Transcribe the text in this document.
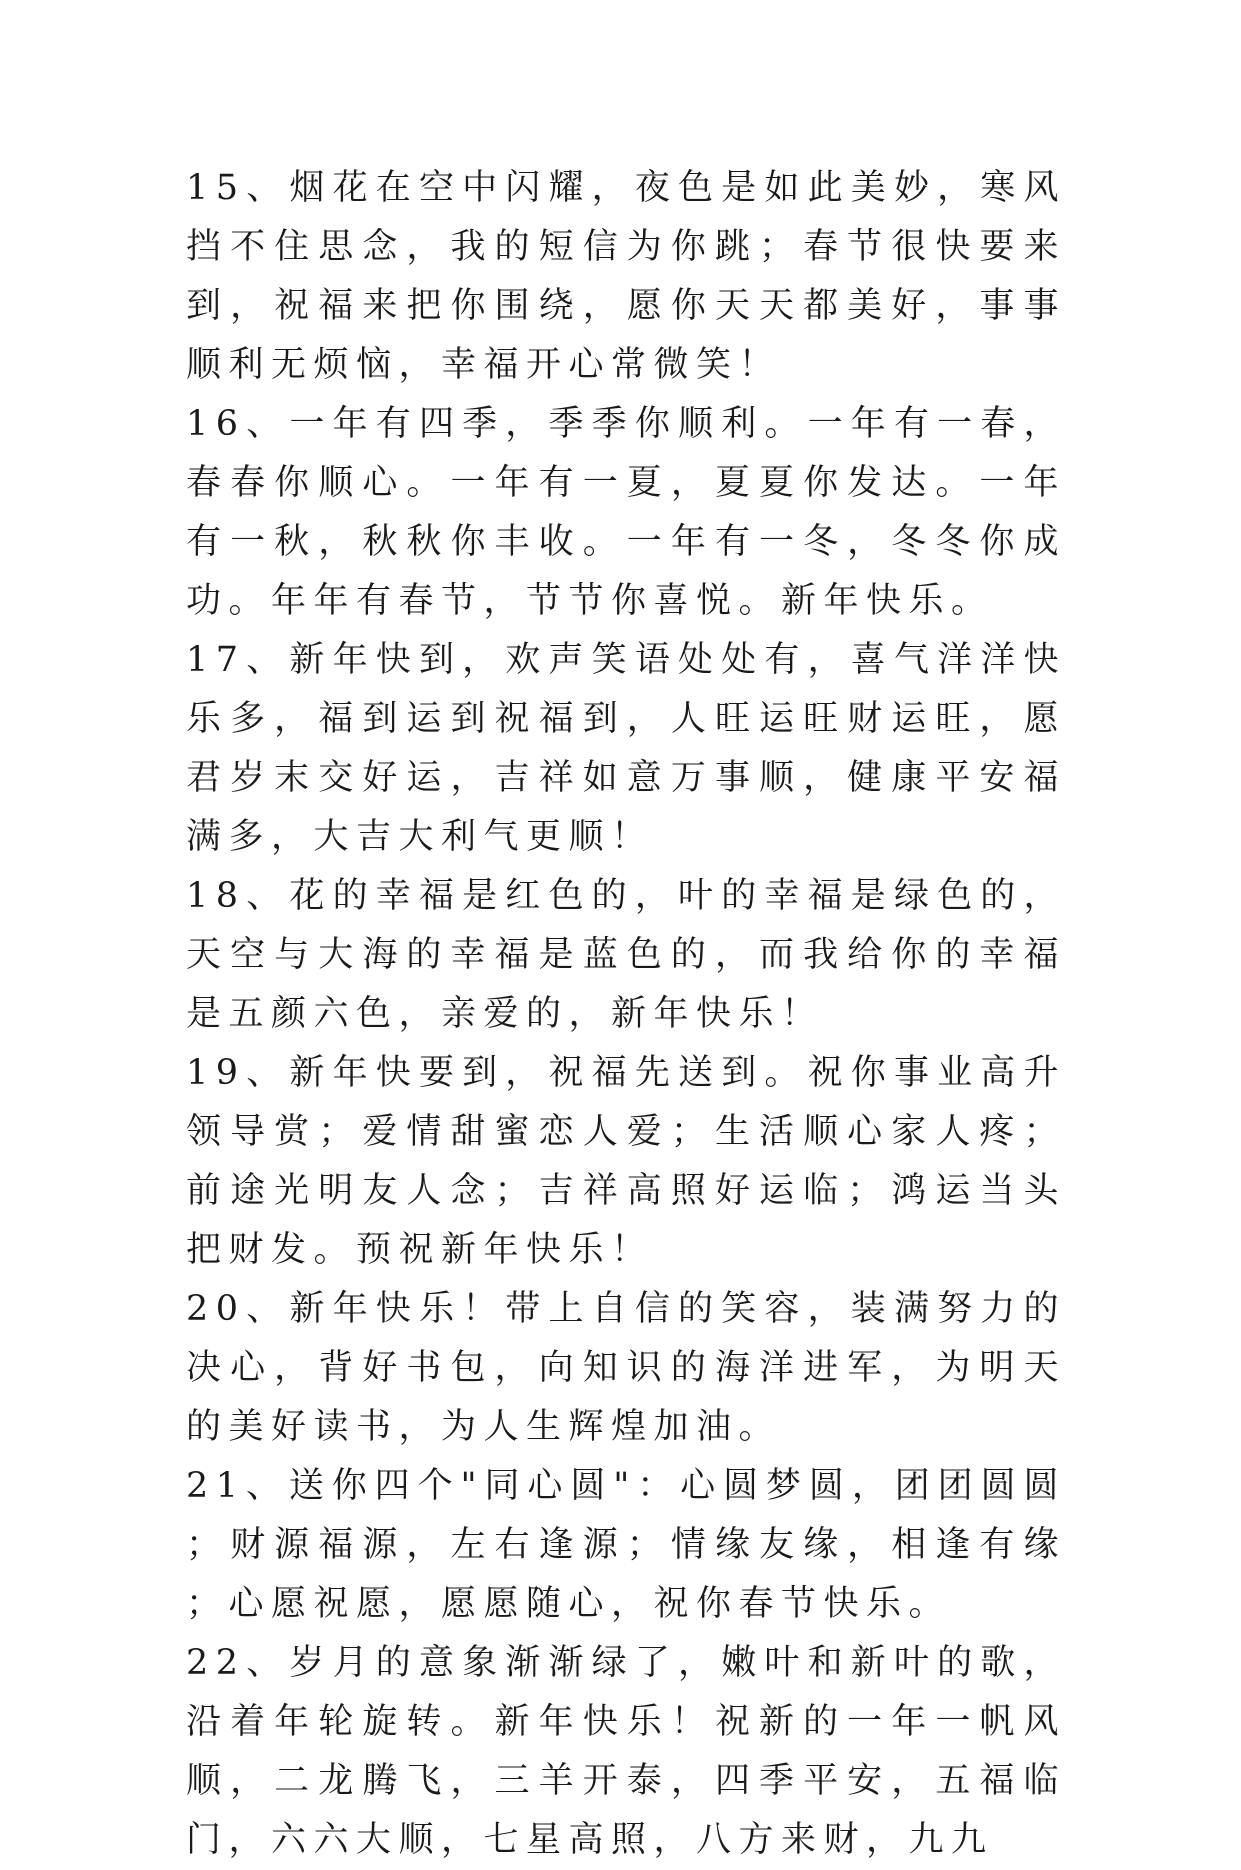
15、烟花在空中闪耀，夜色是如此美妙，寒风挡不住思念，我的短信为你跳；春节很快要来到，祝福来把你围绕，愿你天天都美好，事事顺利无烦恼，幸福开心常微笑！

16、一年有四季，季季你顺利。一年有一春，春春你顺心。一年有一夏，夏夏你发达。一年有一秋，秋秋你丰收。一年有一冬，冬冬你成功。年年有春节，节节你喜悦。新年快乐。

17、新年快到，欢声笑语处处有，喜气洋洋快乐多，福到运到祝福到，人旺运旺财运旺，愿君岁末交好运，吉祥如意万事顺，健康平安福满多，大吉大利气更顺！

18、花的幸福是红色的，叶的幸福是绿色的，天空与大海的幸福是蓝色的，而我给你的幸福是五颜六色，亲爱的，新年快乐！

19、新年快要到，祝福先送到。祝你事业高升领导赏；爱情甜蜜恋人爱；生活顺心家人疼；前途光明友人念；吉祥高照好运临；鸿运当头把财发。预祝新年快乐！

20、新年快乐！带上自信的笑容，装满努力的决心，背好书包，向知识的海洋进军，为明天的美好读书，为人生辉煌加油。

21、送你四个"同心圆"：心圆梦圆，团团圆圆；财源福源，左右逢源；情缘友缘，相逢有缘；心愿祝愿，愿愿随心，祝你春节快乐。

22、岁月的意象渐渐绿了，嫩叶和新叶的歌，沿着年轮旋转。新年快乐！祝新的一年一帆风顺，二龙腾飞，三羊开泰，四季平安，五福临门，六六大顺，七星高照，八方来财，九九
